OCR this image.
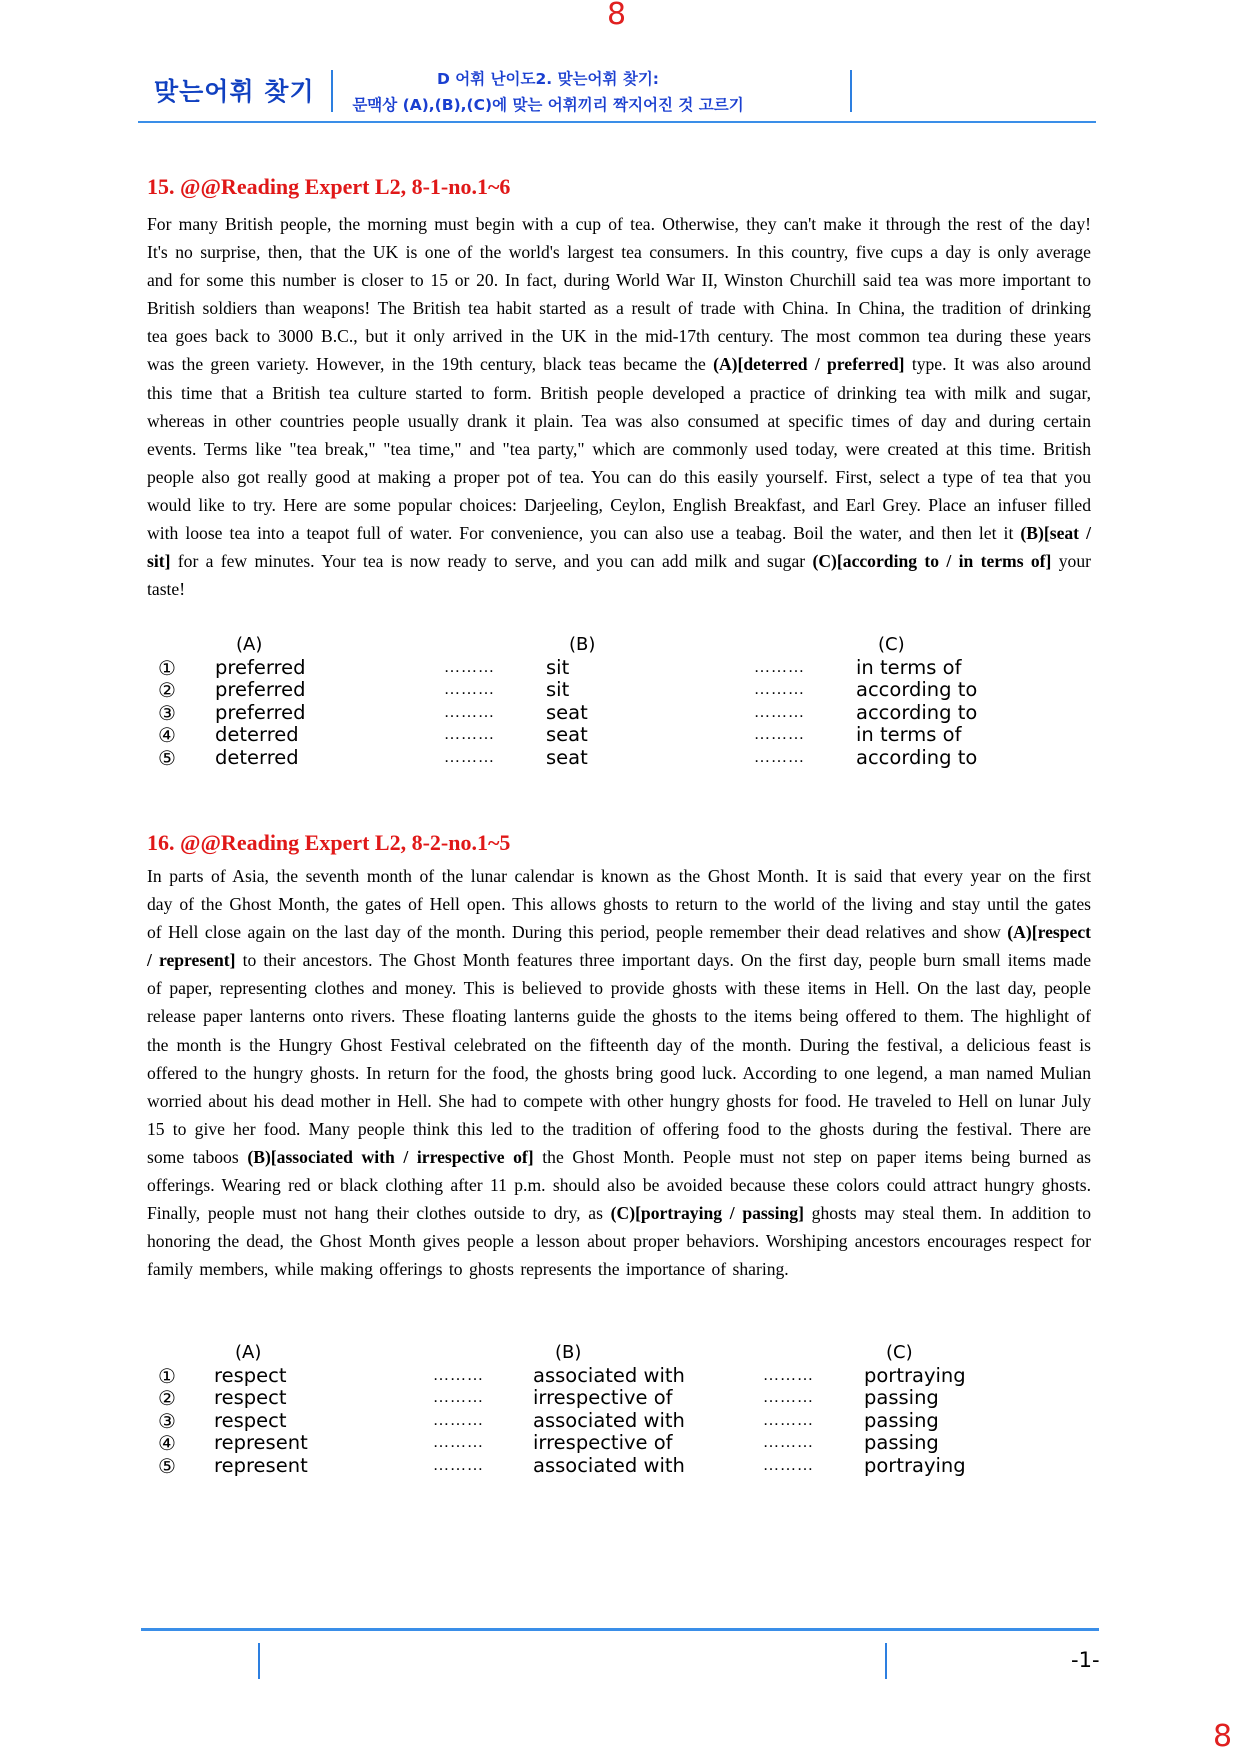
8
8
맞는어휘 찾기	D 어휘 난이도2. 맞는어휘 찾기:
문맥상 (A),(B),(C)에 맞는 어휘끼리 짝지어진 것 고르기
15. @@Reading Expert L2, 8-1-no.1~6
For many British people, the morning must begin with a cup of tea. Otherwise, they can't make it through the rest of the day! It's no surprise, then, that the UK is one of the world's largest tea consumers. In this country, five cups a day is only average and for some this number is closer to 15 or 20. In fact, during World War II, Winston Churchill said tea was more important to British soldiers than weapons! The British tea habit started as a result of trade with China. In China, the tradition of drinking tea goes back to 3000 B.C., but it only arrived in the UK in the mid-17th century. The most common tea during these years was the green variety. However, in the 19th century, black teas became the (A)[deterred / preferred] type. It was also around this time that a British tea culture started to form. British people developed a practice of drinking tea with milk and sugar, whereas in other countries people usually drank it plain. Tea was also consumed at specific times of day and during certain events. Terms like "tea break," "tea time," and "tea party," which are commonly used today, were created at this time. British people also got really good at making a proper pot of tea. You can do this easily yourself. First, select a type of tea that you would like to try. Here are some popular choices: Darjeeling, Ceylon, English Breakfast, and Earl Grey. Place an infuser filled with loose tea into a teapot full of water. For convenience, you can also use a teabag. Boil the water, and then let it (B)[seat / sit] for a few minutes. Your tea is now ready to serve, and you can add milk and sugar (C)[according to / in terms of] your taste!
(A)	(B)	(C)
① preferred	………	sit	………	in terms of
② preferred	………	sit	………	according to
③ preferred	………	seat	………	according to
④ deterred	………	seat	………	in terms of
⑤ deterred	………	seat	………	according to
16. @@Reading Expert L2, 8-2-no.1~5
In parts of Asia, the seventh month of the lunar calendar is known as the Ghost Month. It is said that every year on the first day of the Ghost Month, the gates of Hell open. This allows ghosts to return to the world of the living and stay until the gates of Hell close again on the last day of the month. During this period, people remember their dead relatives and show (A)[respect / represent] to their ancestors. The Ghost Month features three important days. On the first day, people burn small items made of paper, representing clothes and money. This is believed to provide ghosts with these items in Hell. On the last day, people release paper lanterns onto rivers. These floating lanterns guide the ghosts to the items being offered to them. The highlight of the month is the Hungry Ghost Festival celebrated on the fifteenth day of the month. During the festival, a delicious feast is offered to the hungry ghosts. In return for the food, the ghosts bring good luck. According to one legend, a man named Mulian worried about his dead mother in Hell. She had to compete with other hungry ghosts for food. He traveled to Hell on lunar July 15 to give her food. Many people think this led to the tradition of offering food to the ghosts during the festival. There are some taboos (B)[associated with / irrespective of] the Ghost Month. People must not step on paper items being burned as offerings. Wearing red or black clothing after 11 p.m. should also be avoided because these colors could attract hungry ghosts. Finally, people must not hang their clothes outside to dry, as (C)[portraying / passing] ghosts may steal them. In addition to honoring the dead, the Ghost Month gives people a lesson about proper behaviors. Worshiping ancestors encourages respect for family members, while making offerings to ghosts represents the importance of sharing.
(A)	(B)	(C)
① respect	………	associated with	………	portraying
② respect	………	irrespective of	………	passing
③ respect	………	associated with	………	passing
④ represent	………	irrespective of	………	passing
⑤ represent	………	associated with	………	portraying
-1-
